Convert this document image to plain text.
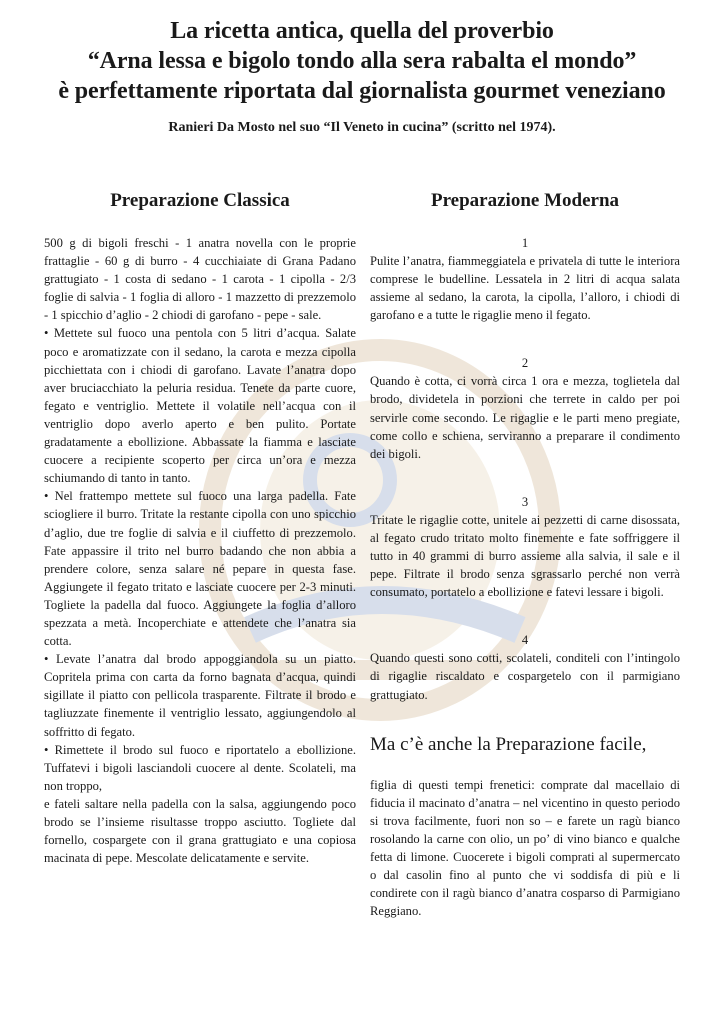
La ricetta antica, quella del proverbio

“Arna lessa e bigolo tondo alla sera rabalta el mondo”

è perfettamente riportata dal giornalista gourmet veneziano

Ranieri Da Mosto nel suo “Il Veneto in cucina” (scritto nel 1974).
Preparazione Classica

500 g di bigoli freschi - 1 anatra novella con le proprie frattaglie - 60 g di burro - 4 cucchiaiate di Grana Padano grattugiato - 1 costa di sedano - 1 carota - 1 cipolla - 2/3 foglie di salvia - 1 foglia di alloro - 1 mazzetto di prezzemolo - 1 spicchio d’aglio - 2 chiodi di garofano - pepe - sale.

• Mettete sul fuoco una pentola con 5 litri d’acqua. Salate poco e aromatizzate con il sedano, la carota e mezza cipolla picchiettata con i chiodi di garofano. Lavate l’anatra dopo aver bruciacchiato la peluria residua. Tenete da parte cuore, fegato e ventriglio. Mettete il volatile nell’acqua con il ventriglio dopo averlo aperto e ben pulito. Portate gradatamente a ebollizione. Abbassate la fiamma e lasciate cuocere a recipiente scoperto per circa un’ora e mezza schiumando di tanto in tanto.

• Nel frattempo mettete sul fuoco una larga padella. Fate sciogliere il burro. Tritate la restante cipolla con uno spicchio d’aglio, due tre foglie di salvia e il ciuffetto di prezzemolo. Fate appassire il trito nel burro badando che non abbia a prendere colore, senza salare né pepare in questa fase. Aggiungete il fegato tritato e lasciate cuocere per 2-3 minuti. Togliete la padella dal fuoco. Aggiungete la foglia d’alloro spezzata a metà. Incoperchiate e attendete che l’anatra sia cotta.

• Levate l’anatra dal brodo appoggiandola su un piatto. Copritela prima con carta da forno bagnata d’acqua, quindi sigillate il piatto con pellicola trasparente. Filtrate il brodo e tagliuzzate finemente il ventriglio lessato, aggiungendolo al soffritto di fegato.

• Rimettete il brodo sul fuoco e riportatelo a ebollizione. Tuffatevi i bigoli lasciandoli cuocere al dente. Scolateli, ma non troppo,

e fateli saltare nella padella con la salsa, aggiungendo poco brodo se l’insieme risultasse troppo asciutto. Togliete dal fornello, cospargete con il grana grattugiato e una copiosa macinata di pepe. Mescolate delicatamente e servite.

Preparazione Moderna
1

Pulite l’anatra, fiammeggiatela e privatela di tutte le interiora comprese le budelline. Lessatela in 2 litri di acqua salata assieme al sedano, la carota, la cipolla, l’alloro, i chiodi di garofano e a tutte le rigaglie meno il fegato.

2

Quando è cotta, ci vorrà circa 1 ora e mezza, toglietela dal brodo, dividetela in porzioni che terrete in caldo per poi servirle come secondo. Le rigaglie e le parti meno pregiate, come collo e schiena, serviranno a preparare il condimento dei bigoli.

3

Tritate le rigaglie cotte, unitele ai pezzetti di carne disossata, al fegato crudo tritato molto finemente e fate soffriggere il tutto in 40 grammi di burro assieme alla salvia, il sale e il pepe. Filtrate il brodo senza sgrassarlo perché non verrà consumato, portatelo a ebollizione e fatevi lessare i bigoli.

4

Quando questi sono cotti, scolateli, conditeli con l’intingolo di rigaglie riscaldato e cospargetelo con il parmigiano grattugiato.

Ma c’è anche la Preparazione facile,

figlia di questi tempi frenetici: comprate dal macellaio di fiducia il macinato d’anatra – nel vicentino in questo periodo si trova facilmente, fuori non so – e farete un ragù bianco rosolando la carne con olio, un po’ di vino bianco e qualche fetta di limone. Cuocerete i bigoli comprati al supermercato o dal casolin fino al punto che vi soddisfa di più e li condirete con il ragù bianco d’anatra cosparso di Parmigiano Reggiano.
